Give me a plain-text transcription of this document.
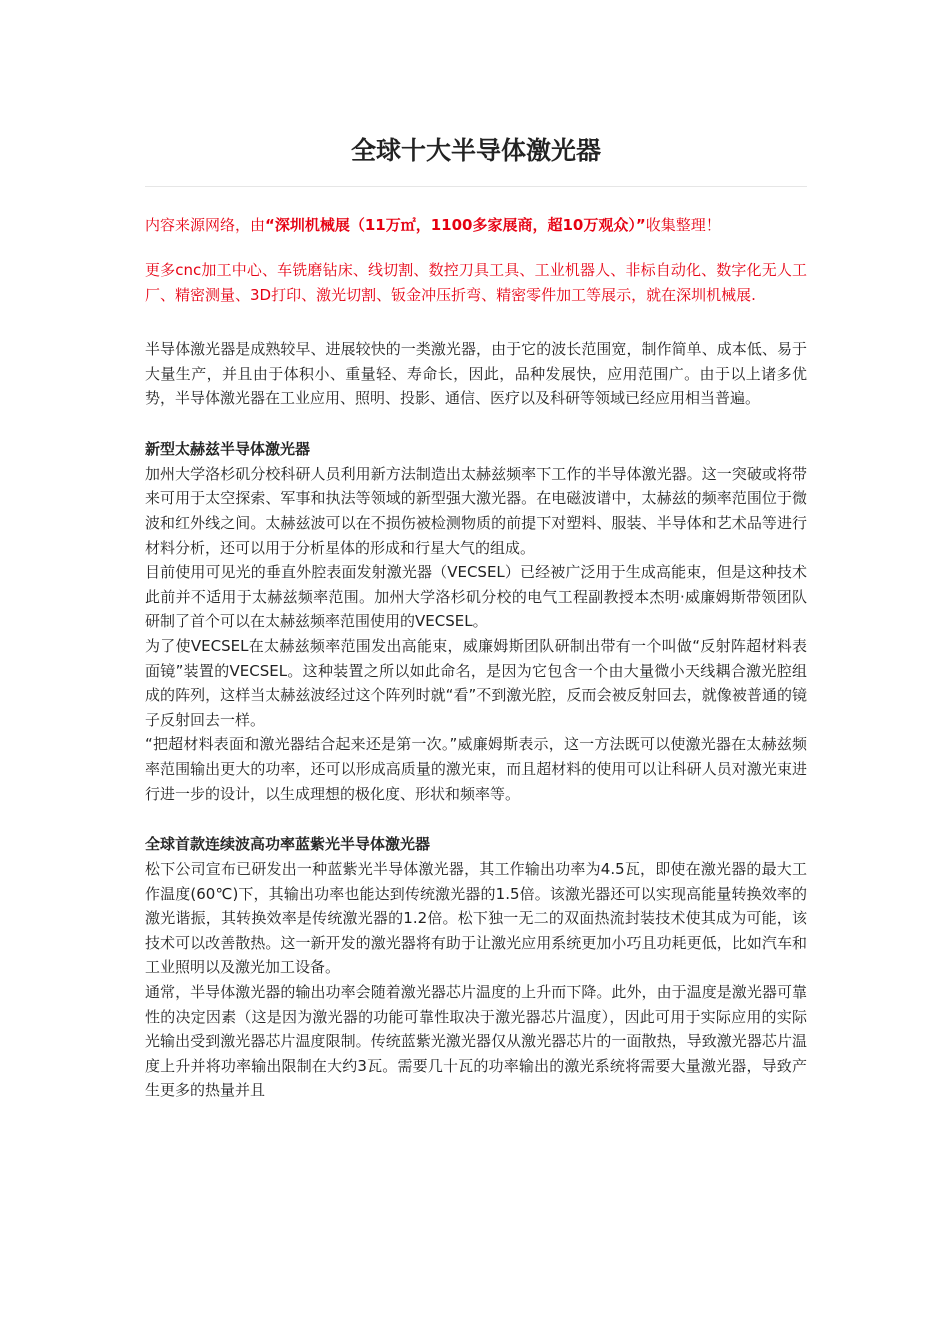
全球十大半导体激光器

内容来源网络，由“深圳机械展（11万㎡，1100多家展商，超10万观众）”收集整理！

更多cnc加工中心、车铣磨钻床、线切割、数控刀具工具、工业机器人、非标自动化、数字化无人工厂、精密测量、3D打印、激光切割、钣金冲压折弯、精密零件加工等展示，就在深圳机械展.

半导体激光器是成熟较早、进展较快的一类激光器，由于它的波长范围宽，制作简单、成本低、易于大量生产，并且由于体积小、重量轻、寿命长，因此，品种发展快，应用范围广。由于以上诸多优势，半导体激光器在工业应用、照明、投影、通信、医疗以及科研等领域已经应用相当普遍。

新型太赫兹半导体激光器

加州大学洛杉矶分校科研人员利用新方法制造出太赫兹频率下工作的半导体激光器。这一突破或将带来可用于太空探索、军事和执法等领域的新型强大激光器。在电磁波谱中，太赫兹的频率范围位于微波和红外线之间。太赫兹波可以在不损伤被检测物质的前提下对塑料、服装、半导体和艺术品等进行材料分析，还可以用于分析星体的形成和行星大气的组成。

目前使用可见光的垂直外腔表面发射激光器（VECSEL）已经被广泛用于生成高能束，但是这种技术此前并不适用于太赫兹频率范围。加州大学洛杉矶分校的电气工程副教授本杰明·威廉姆斯带领团队研制了首个可以在太赫兹频率范围使用的VECSEL。

为了使VECSEL在太赫兹频率范围发出高能束，威廉姆斯团队研制出带有一个叫做“反射阵超材料表面镜”装置的VECSEL。这种装置之所以如此命名，是因为它包含一个由大量微小天线耦合激光腔组成的阵列，这样当太赫兹波经过这个阵列时就“看”不到激光腔，反而会被反射回去，就像被普通的镜子反射回去一样。

“把超材料表面和激光器结合起来还是第一次。”威廉姆斯表示，这一方法既可以使激光器在太赫兹频率范围输出更大的功率，还可以形成高质量的激光束，而且超材料的使用可以让科研人员对激光束进行进一步的设计，以生成理想的极化度、形状和频率等。

全球首款连续波高功率蓝紫光半导体激光器

松下公司宣布已研发出一种蓝紫光半导体激光器，其工作输出功率为4.5瓦，即使在激光器的最大工作温度(60℃)下，其输出功率也能达到传统激光器的1.5倍。该激光器还可以实现高能量转换效率的激光谐振，其转换效率是传统激光器的1.2倍。松下独一无二的双面热流封装技术使其成为可能，该技术可以改善散热。这一新开发的激光器将有助于让激光应用系统更加小巧且功耗更低，比如汽车和工业照明以及激光加工设备。

通常，半导体激光器的输出功率会随着激光器芯片温度的上升而下降。此外，由于温度是激光器可靠性的决定因素（这是因为激光器的功能可靠性取决于激光器芯片温度），因此可用于实际应用的实际光输出受到激光器芯片温度限制。传统蓝紫光激光器仅从激光器芯片的一面散热，导致激光器芯片温度上升并将功率输出限制在大约3瓦。需要几十瓦的功率输出的激光系统将需要大量激光器，导致产生更多的热量并且
